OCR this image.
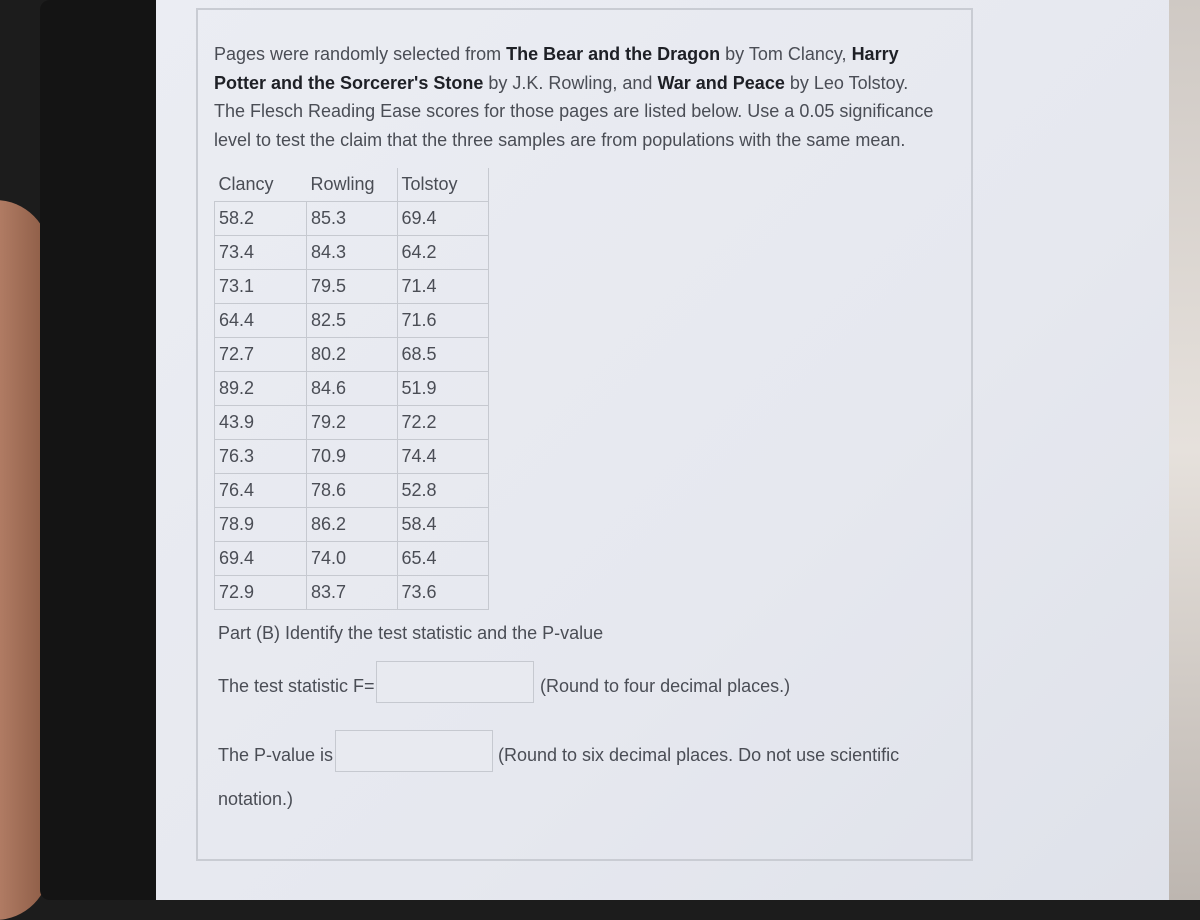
Pages were randomly selected from The Bear and the Dragon by Tom Clancy, Harry Potter and the Sorcerer's Stone by J.K. Rowling, and War and Peace by Leo Tolstoy. The Flesch Reading Ease scores for those pages are listed below. Use a 0.05 significance level to test the claim that the three samples are from populations with the same mean.
Clancy	Rowling	Tolstoy
58.2	85.3	69.4
73.4	84.3	64.2
73.1	79.5	71.4
64.4	82.5	71.6
72.7	80.2	68.5
89.2	84.6	51.9
43.9	79.2	72.2
76.3	70.9	74.4
76.4	78.6	52.8
78.9	86.2	58.4
69.4	74.0	65.4
72.9	83.7	73.6
Part (B) Identify the test statistic and the P-value
The test statistic F=	(Round to four decimal places.)
The P-value is	(Round to six decimal places. Do not use scientific
notation.)
